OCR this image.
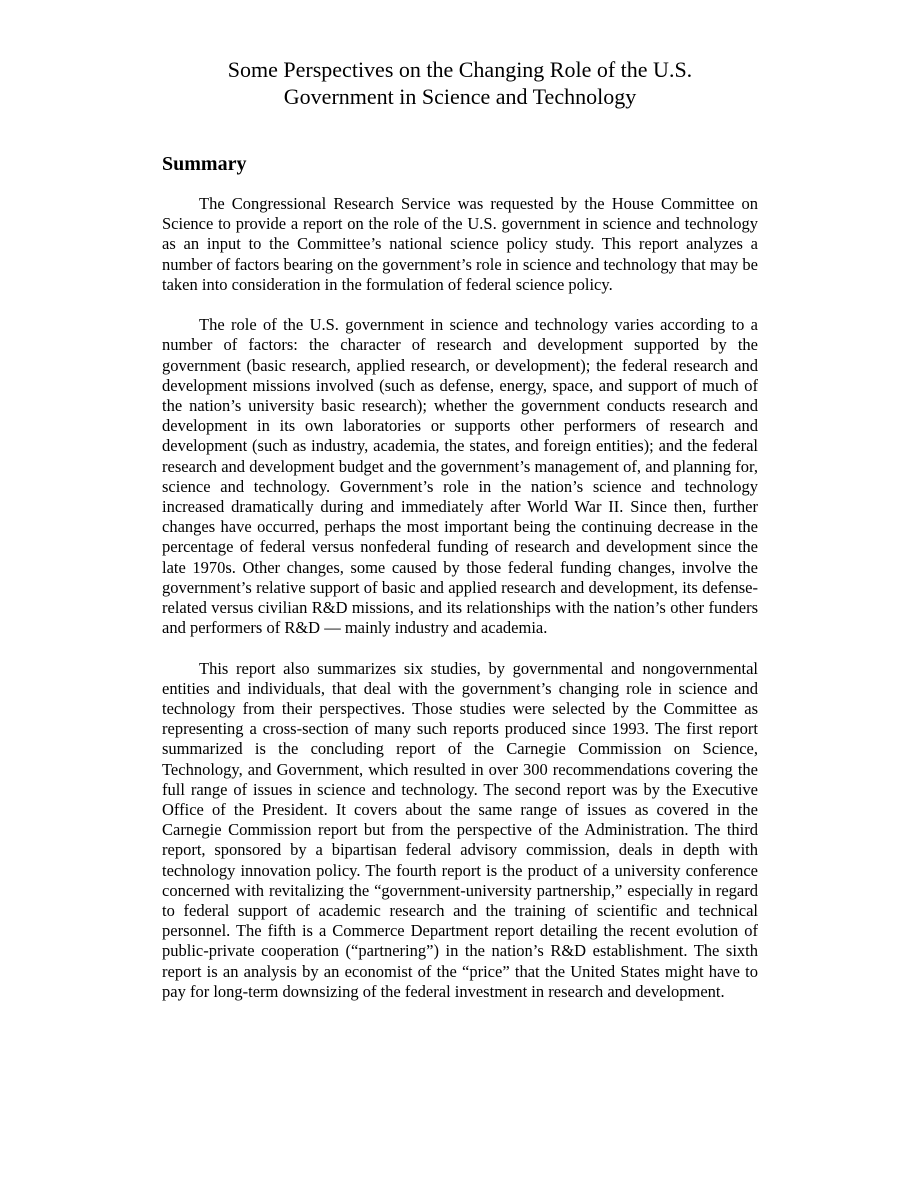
Some Perspectives on the Changing Role of the U.S.
Government in Science and Technology
Summary

The Congressional Research Service was requested by the House Committee on Science to provide a report on the role of the U.S. government in science and technology as an input to the Committee’s national science policy study. This report analyzes a number of factors bearing on the government’s role in science and technology that may be taken into consideration in the formulation of federal science policy.

The role of the U.S. government in science and technology varies according to a number of factors: the character of research and development supported by the government (basic research, applied research, or development); the federal research and development missions involved (such as defense, energy, space, and support of much of the nation’s university basic research); whether the government conducts research and development in its own laboratories or supports other performers of research and development (such as industry, academia, the states, and foreign entities); and the federal research and development budget and the government’s management of, and planning for, science and technology. Government’s role in the nation’s science and technology increased dramatically during and immediately after World War II. Since then, further changes have occurred, perhaps the most important being the continuing decrease in the percentage of federal versus nonfederal funding of research and development since the late 1970s. Other changes, some caused by those federal funding changes, involve the government’s relative support of basic and applied research and development, its defense-related versus civilian R&D missions, and its relationships with the nation’s other funders and performers of R&D — mainly industry and academia.

This report also summarizes six studies, by governmental and nongovernmental entities and individuals, that deal with the government’s changing role in science and technology from their perspectives. Those studies were selected by the Committee as representing a cross-section of many such reports produced since 1993. The first report summarized is the concluding report of the Carnegie Commission on Science, Technology, and Government, which resulted in over 300 recommendations covering the full range of issues in science and technology. The second report was by the Executive Office of the President. It covers about the same range of issues as covered in the Carnegie Commission report but from the perspective of the Administration. The third report, sponsored by a bipartisan federal advisory commission, deals in depth with technology innovation policy. The fourth report is the product of a university conference concerned with revitalizing the “government-university partnership,” especially in regard to federal support of academic research and the training of scientific and technical personnel. The fifth is a Commerce Department report detailing the recent evolution of public-private cooperation (“partnering”) in the nation’s R&D establishment. The sixth report is an analysis by an economist of the “price” that the United States might have to pay for long-term downsizing of the federal investment in research and development.
